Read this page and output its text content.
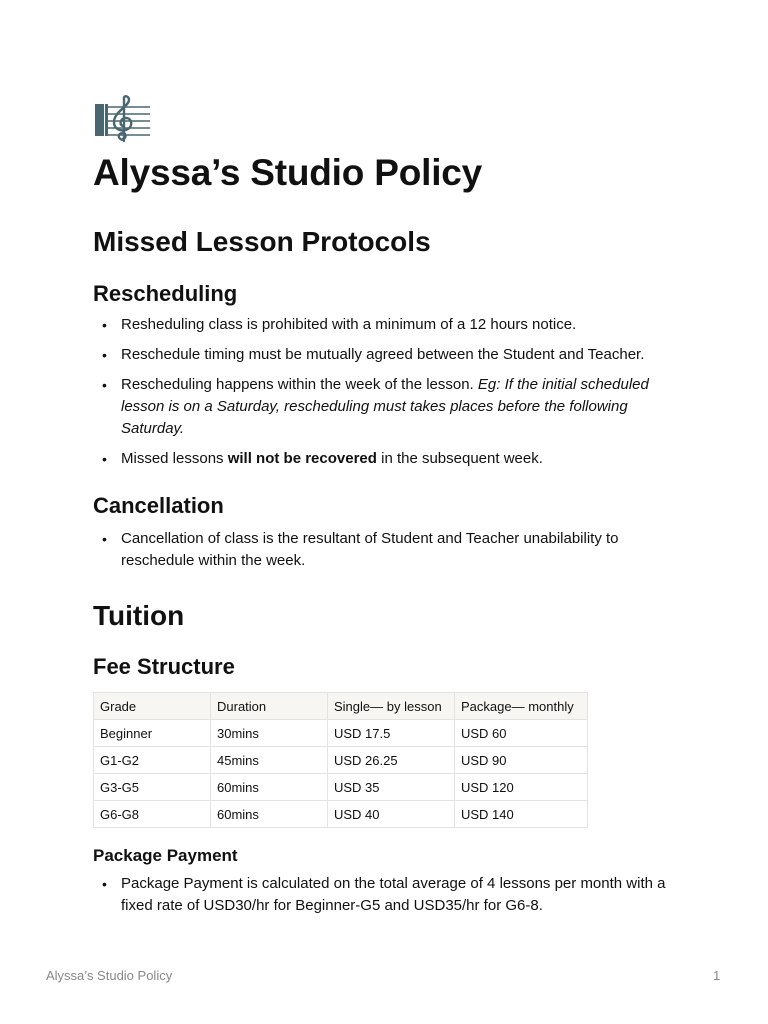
Alyssa’s Studio Policy
Missed Lesson Protocols
Rescheduling
• Resheduling class is prohibited with a minimum of a 12 hours notice.
• Reschedule timing must be mutually agreed between the Student and Teacher.
• Rescheduling happens within the week of the lesson. Eg: If the initial scheduled lesson is on a Saturday, rescheduling must takes places before the following Saturday.
• Missed lessons will not be recovered in the subsequent week.
Cancellation
• Cancellation of class is the resultant of Student and Teacher unabilability to reschedule within the week.
Tuition
Fee Structure
Grade	Duration	Single— by lesson	Package— monthly
Beginner	30mins	USD 17.5	USD 60
G1-G2	45mins	USD 26.25	USD 90
G3-G5	60mins	USD 35	USD 120
G6-G8	60mins	USD 40	USD 140
Package Payment
• Package Payment is calculated on the total average of 4 lessons per month with a fixed rate of USD30/hr for Beginner-G5 and USD35/hr for G6-8.
Alyssa’s Studio Policy	1
